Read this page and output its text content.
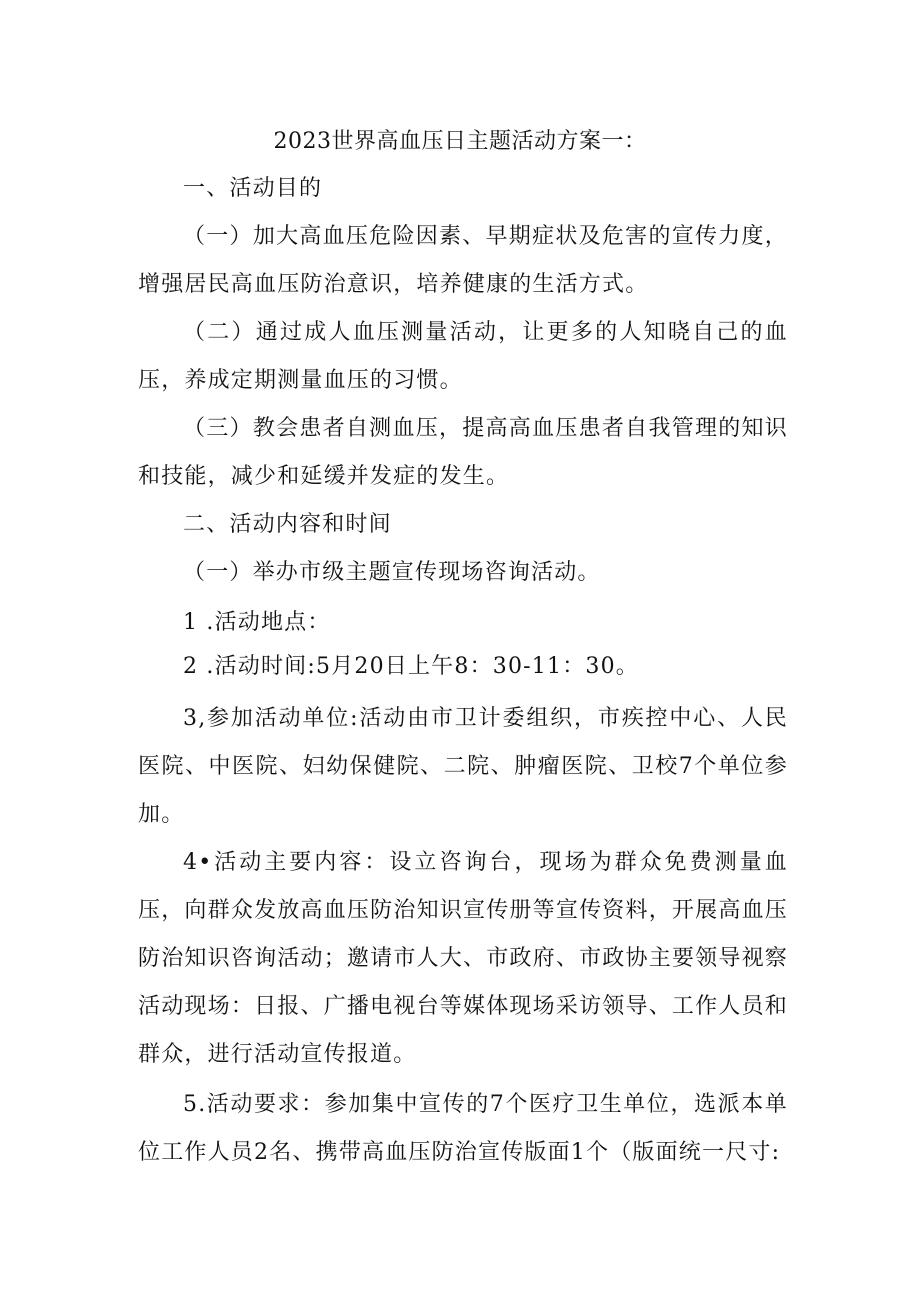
2023世界高血压日主题活动方案一：
一、活动目的

（一）加大高血压危险因素、早期症状及危害的宣传力度，增强居民高血压防治意识，培养健康的生活方式。

（二）通过成人血压测量活动，让更多的人知晓自己的血压，养成定期测量血压的习惯。

（三）教会患者自测血压，提高高血压患者自我管理的知识和技能，减少和延缓并发症的发生。

二、活动内容和时间
（一）举办市级主题宣传现场咨询活动。
1 .活动地点：
2 .活动时间:5月20日上午8：30-11：30。

3,参加活动单位:活动由市卫计委组织，市疾控中心、人民医院、中医院、妇幼保健院、二院、肿瘤医院、卫校7个单位参加。

4•活动主要内容：设立咨询台，现场为群众免费测量血压，向群众发放高血压防治知识宣传册等宣传资料，开展高血压防治知识咨询活动；邀请市人大、市政府、市政协主要领导视察活动现场：日报、广播电视台等媒体现场采访领导、工作人员和群众，进行活动宣传报道。

5.活动要求：参加集中宣传的7个医疗卫生单位，选派本单位工作人员2名、携带高血压防治宣传版面1个（版面统一尺寸:
